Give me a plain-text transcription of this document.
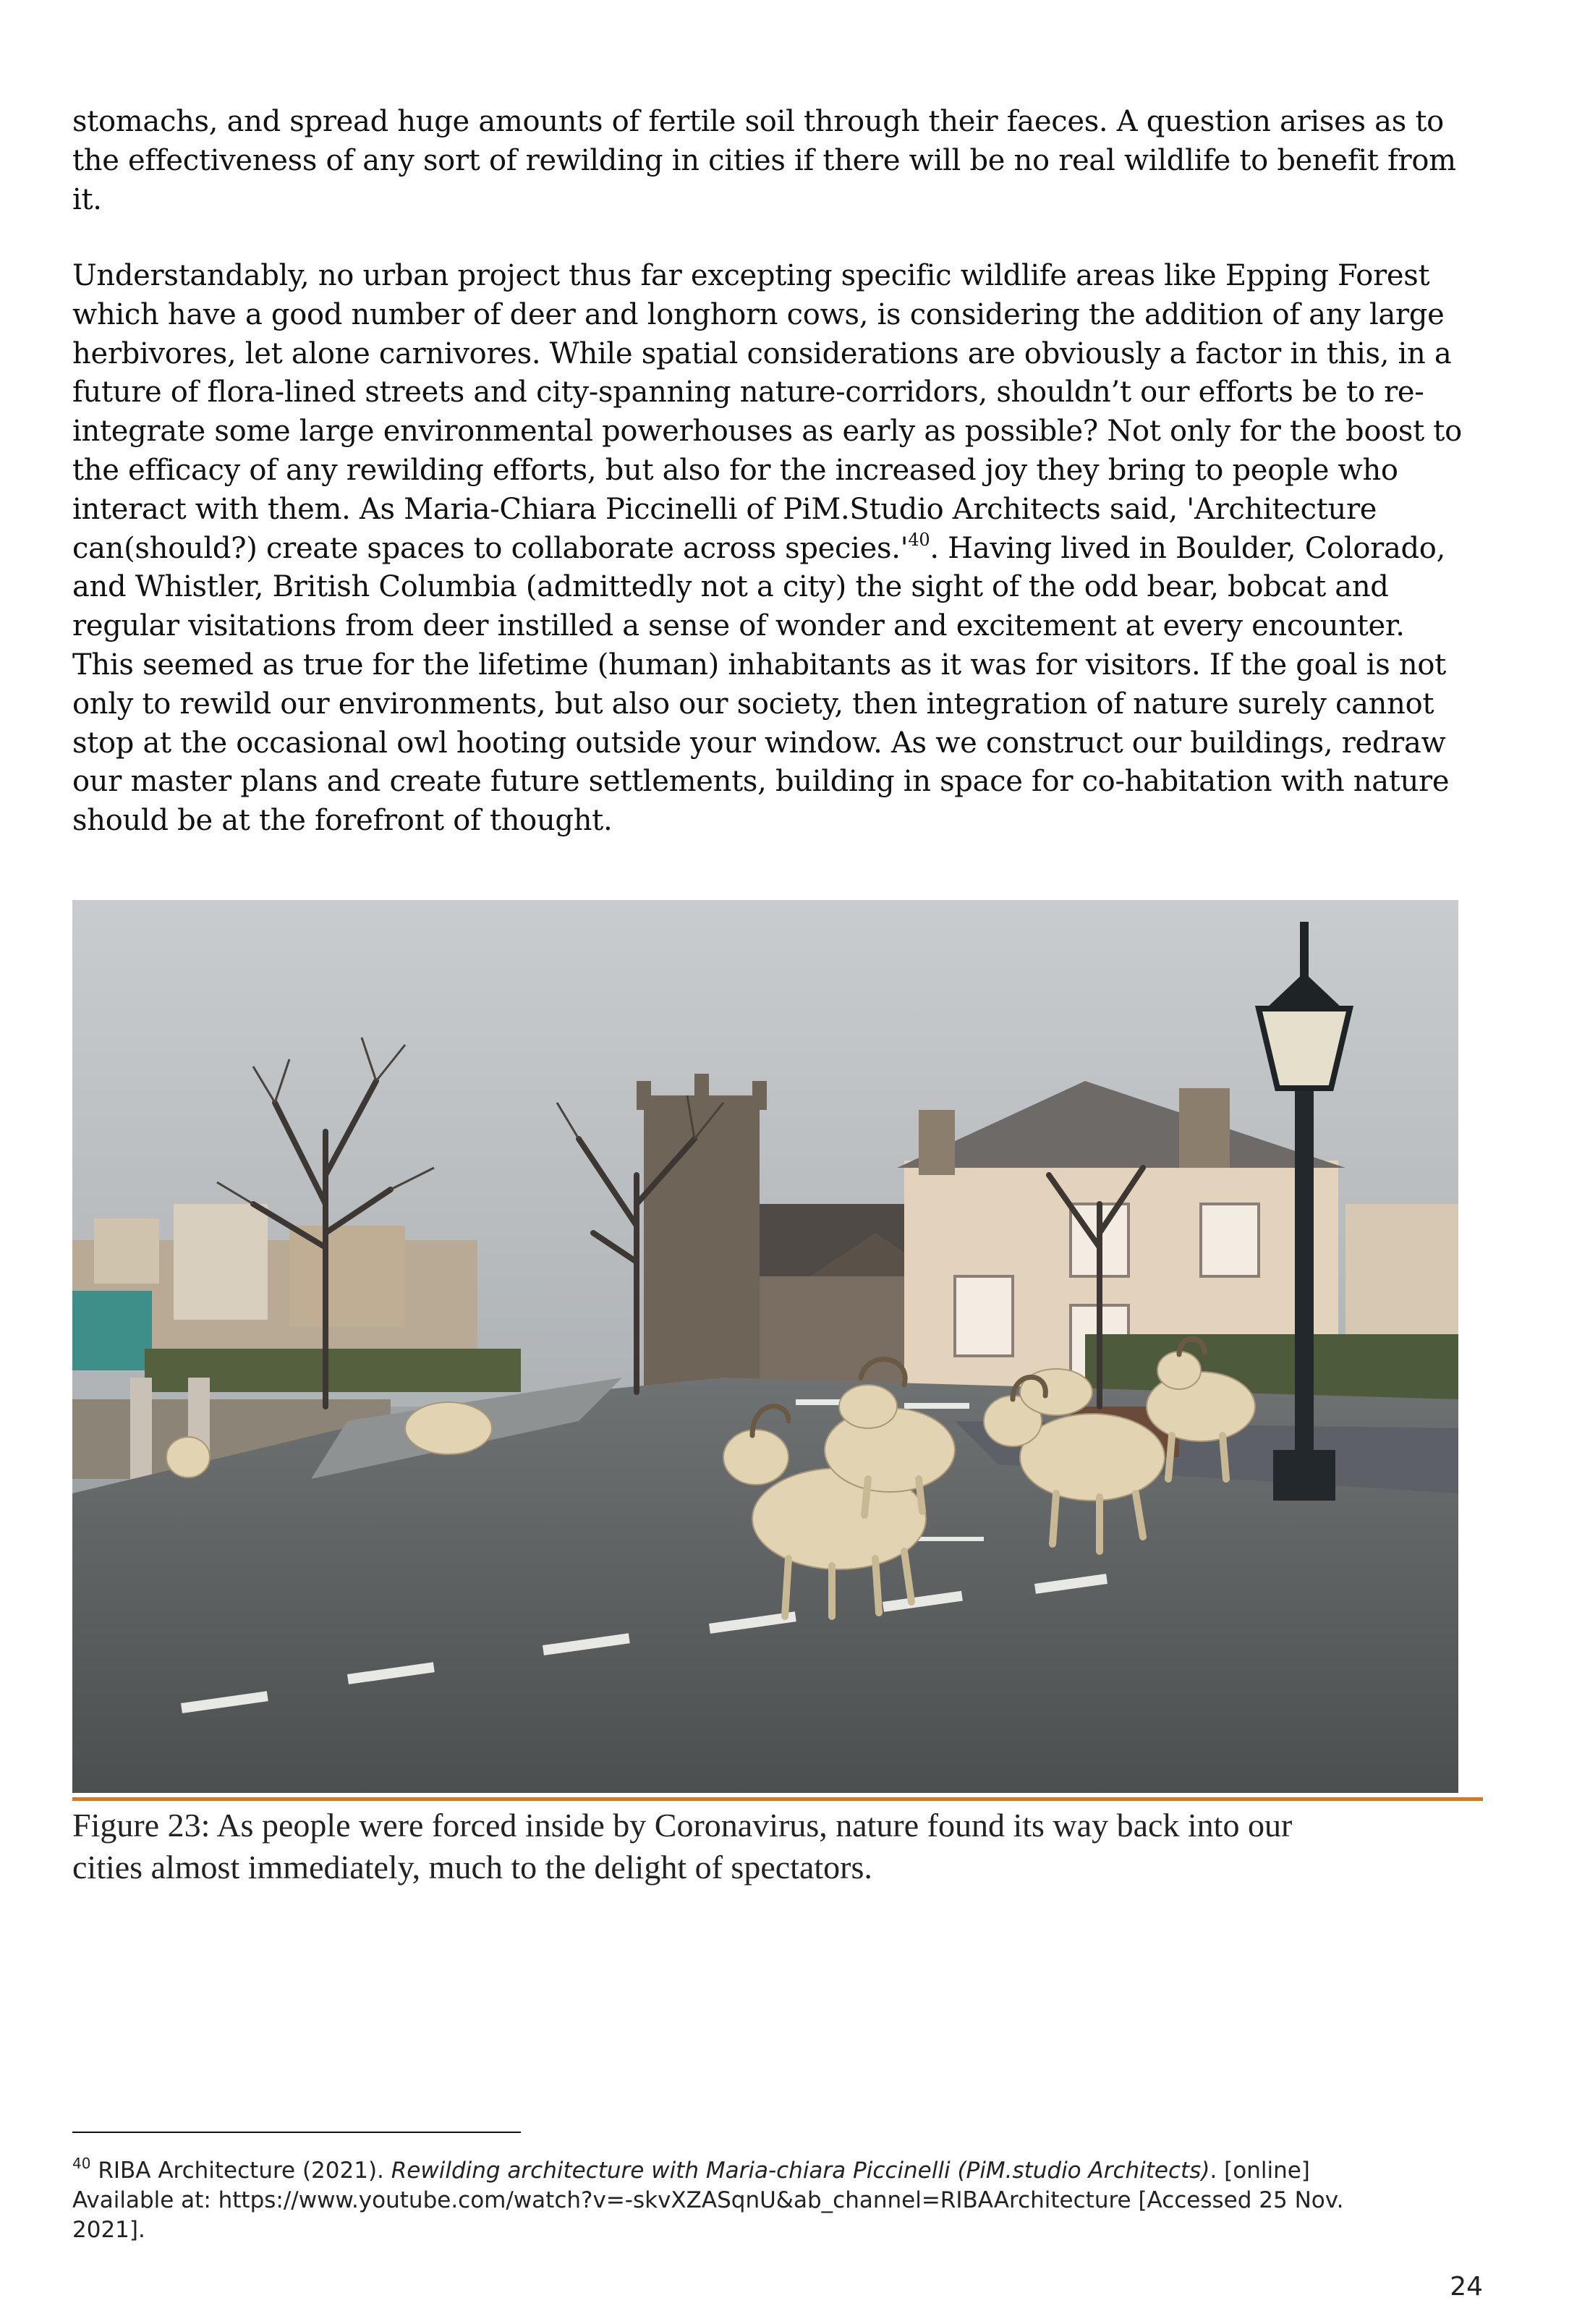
stomachs, and spread huge amounts of fertile soil through their faeces. A question arises as to
the effectiveness of any sort of rewilding in cities if there will be no real wildlife to benefit from
it.
Understandably, no urban project thus far excepting specific wildlife areas like Epping Forest
which have a good number of deer and longhorn cows, is considering the addition of any large
herbivores, let alone carnivores. While spatial considerations are obviously a factor in this, in a
future of flora-lined streets and city-spanning nature-corridors, shouldn’t our efforts be to re-
integrate some large environmental powerhouses as early as possible? Not only for the boost to
the efficacy of any rewilding efforts, but also for the increased joy they bring to people who
interact with them. As Maria-Chiara Piccinelli of PiM.Studio Architects said, 'Architecture
can(should?) create spaces to collaborate across $species.'^{40}$. Having lived in Boulder, Colorado,
and Whistler, British Columbia (admittedly not a city) the sight of the odd bear, bobcat and
regular visitations from deer instilled a sense of wonder and excitement at every encounter.
This seemed as true for the lifetime (human) inhabitants as it was for visitors. If the goal is not
only to rewild our environments, but also our society, then integration of nature surely cannot
stop at the occasional owl hooting outside your window. As we construct our buildings, redraw
our master plans and create future settlements, building in space for co-habitation with nature
should be at the forefront of thought.
Figure 23: As people were forced inside by Coronavirus, nature found its way back into our
cities almost immediately, much to the delight of spectators.
$^{40}$ RIBA Architecture (2021). Rewilding architecture with Maria-chiara Piccinelli (PiM.studio Architects). [online]
Available at: https://www.youtube.com/watch?v=-skvXZASqnU&ab_channel=RIBAArchitecture [Accessed 25 Nov.
2021].
24
